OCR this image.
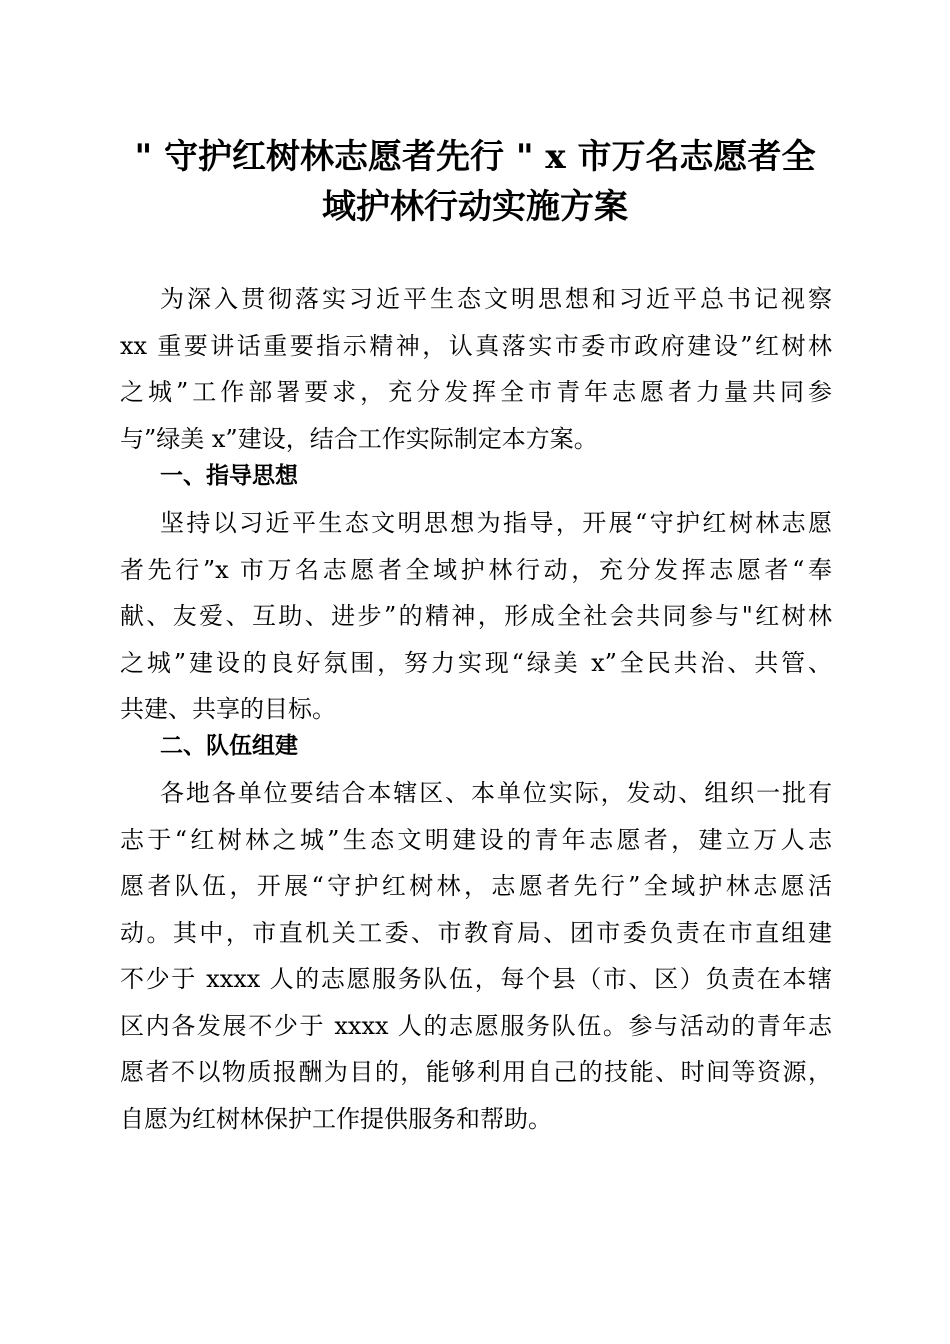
" 守护红树林志愿者先行 " x 市万名志愿者全
域护林行动实施方案
为深入贯彻落实习近平生态文明思想和习近平总书记视察
xx 重要讲话重要指示精神，认真落实市委市政府建设”红树林
之城”工作部署要求，充分发挥全市青年志愿者力量共同参
与”绿美 x”建设，结合工作实际制定本方案。
一、指导思想
坚持以习近平生态文明思想为指导，开展“守护红树林志愿
者先行”x 市万名志愿者全域护林行动，充分发挥志愿者“奉
献、友爱、互助、进步”的精神，形成全社会共同参与"红树林
之城”建设的良好氛围，努力实现“绿美 x”全民共治、共管、
共建、共享的目标。
二、队伍组建
各地各单位要结合本辖区、本单位实际，发动、组织一批有
志于“红树林之城”生态文明建设的青年志愿者，建立万人志
愿者队伍，开展“守护红树林，志愿者先行”全域护林志愿活
动。其中，市直机关工委、市教育局、团市委负责在市直组建
不少于 xxxx 人的志愿服务队伍，每个县（市、区）负责在本辖
区内各发展不少于 xxxx 人的志愿服务队伍。参与活动的青年志
愿者不以物质报酬为目的，能够利用自己的技能、时间等资源，
自愿为红树林保护工作提供服务和帮助。
